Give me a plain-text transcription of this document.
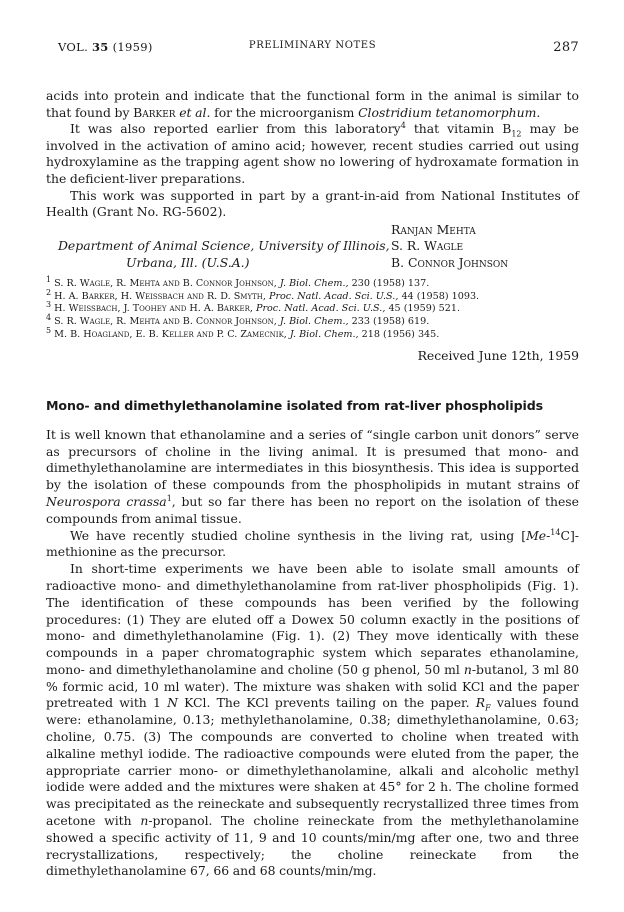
VOL. 35 (1959)	PRELIMINARY NOTES	287

acids into protein and indicate that the functional form in the animal is similar to that found by Barker et al. for the microorganism Clostridium tetanomorphum.

It was also reported earlier from this laboratory$^4$ that vitamin $B_{12}$ may be involved in the activation of amino acid; however, recent studies carried out using hydroxylamine as the trapping agent show no lowering of hydroxamate formation in the deficient-liver preparations.

This work was supported in part by a grant-in-aid from National Institutes of Health (Grant No. RG-5602).

Ranjan Mehta
S. R. Wagle
B. Connor Johnson
Department of Animal Science, University of Illinois,
Urbana, Ill. (U.S.A.)
$^1$ S. R. Wagle, R. Mehta and B. Connor Johnson, J. Biol. Chem., 230 (1958) 137.
$^2$ H. A. Barker, H. Weissbach and R. D. Smyth, Proc. Natl. Acad. Sci. U.S., 44 (1958) 1093.
$^3$ H. Weissbach, J. Toohey and H. A. Barker, Proc. Natl. Acad. Sci. U.S., 45 (1959) 521.
$^4$ S. R. Wagle, R. Mehta and B. Connor Johnson, J. Biol. Chem., 233 (1958) 619.
$^5$ M. B. Hoagland, E. B. Keller and P. C. Zamecnik, J. Biol. Chem., 218 (1956) 345.
Received June 12th, 1959
Mono- and dimethylethanolamine isolated from rat-liver phospholipids

It is well known that ethanolamine and a series of “single carbon unit donors” serve as precursors of choline in the living animal. It is presumed that mono- and dimethylethanolamine are intermediates in this biosynthesis. This idea is supported by the isolation of these compounds from the phospholipids in mutant strains of Neurospora crassa$^1$, but so far there has been no report on the isolation of these compounds from animal tissue.

We have recently studied choline synthesis in the living rat, using [Me-$^{14}$C]-methionine as the precursor.

In short-time experiments we have been able to isolate small amounts of radioactive mono- and dimethylethanolamine from rat-liver phospholipids (Fig. 1). The identification of these compounds has been verified by the following procedures: (1) They are eluted off a Dowex 50 column exactly in the positions of mono- and dimethylethanolamine (Fig. 1). (2) They move identically with these compounds in a paper chromatographic system which separates ethanolamine, mono- and dimethylethanolamine and choline (50 g phenol, 50 ml n-butanol, 3 ml 80 % formic acid, 10 ml water). The mixture was shaken with solid KCl and the paper pretreated with 1 N KCl. The KCl prevents tailing on the paper. $R_F$ values found were: ethanolamine, 0.13; methylethanolamine, 0.38; dimethylethanolamine, 0.63; choline, 0.75. (3) The compounds are converted to choline when treated with alkaline methyl iodide. The radioactive compounds were eluted from the paper, the appropriate carrier mono- or dimethylethanolamine, alkali and alcoholic methyl iodide were added and the mixtures were shaken at 45° for 2 h. The choline formed was precipitated as the reineckate and subsequently recrystallized three times from acetone with n-propanol. The choline reineckate from the methylethanolamine showed a specific activity of 11, 9 and 10 counts/min/mg after one, two and three recrystallizations, respectively; the choline reineckate from the dimethylethanolamine 67, 66 and 68 counts/min/mg.
